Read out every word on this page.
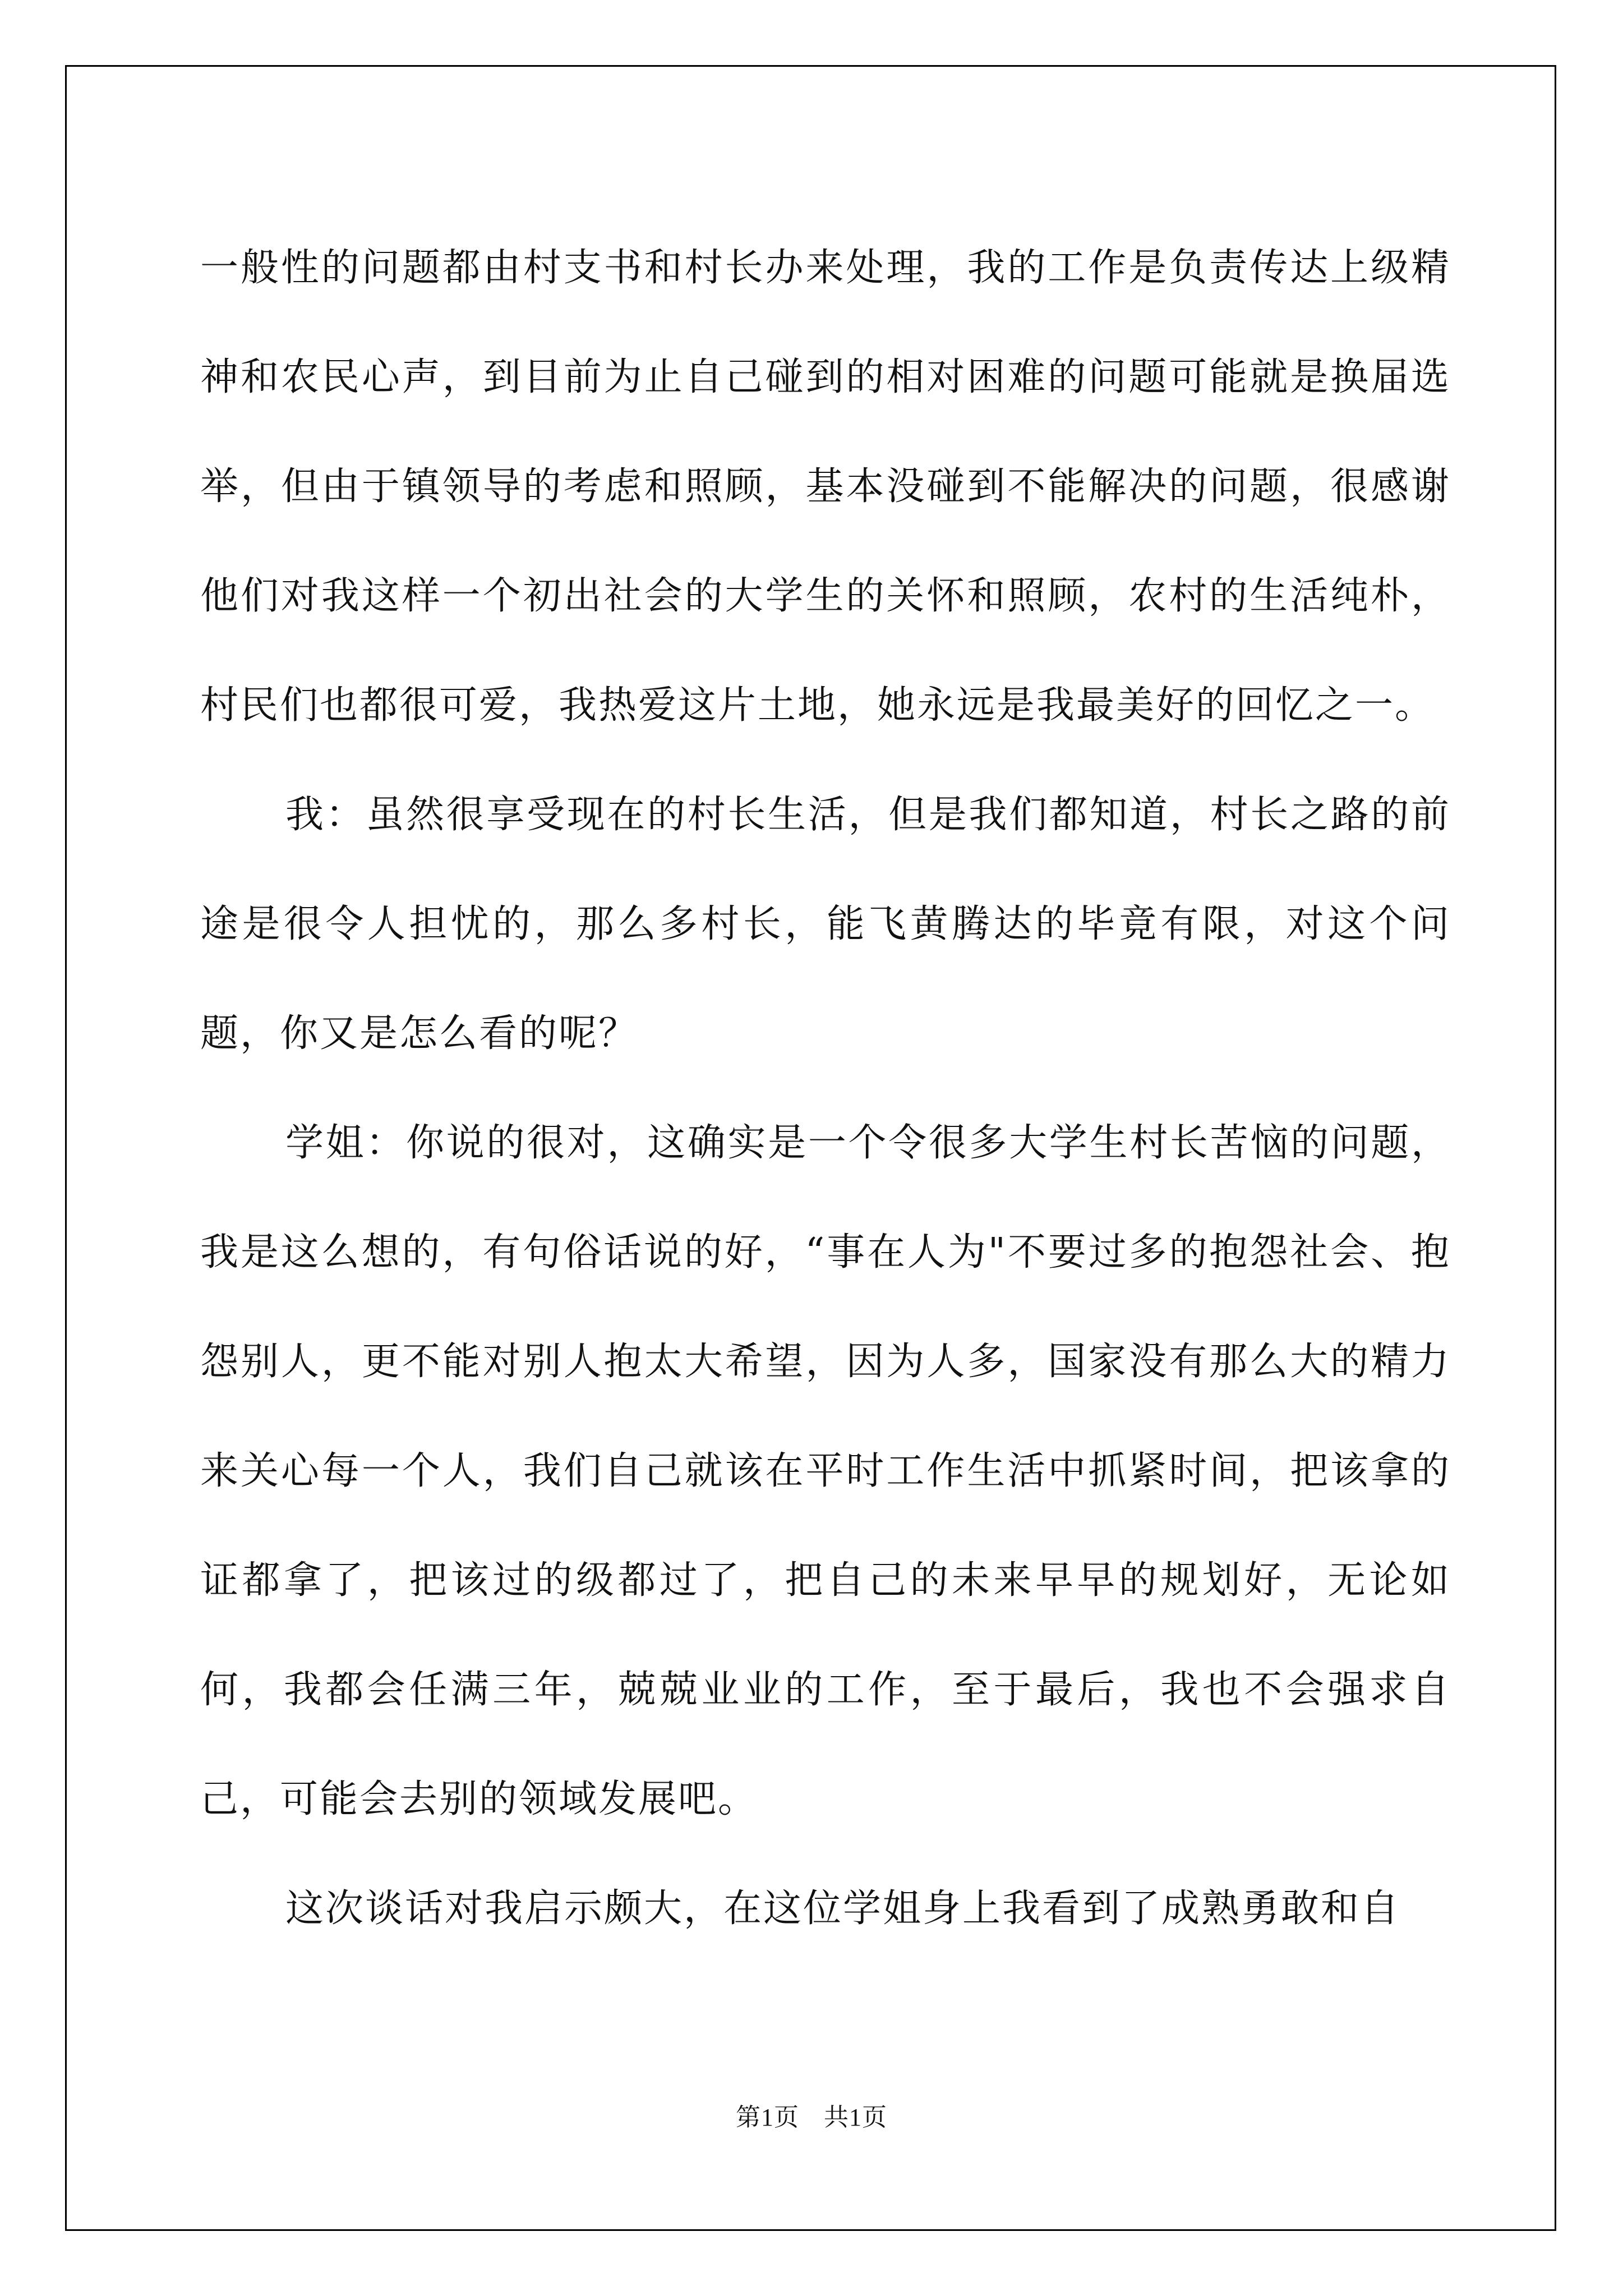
一般性的问题都由村支书和村长办来处理，我的工作是负责传达上级精神和农民心声，到目前为止自己碰到的相对困难的问题可能就是换届选举，但由于镇领导的考虑和照顾，基本没碰到不能解决的问题，很感谢他们对我这样一个初出社会的大学生的关怀和照顾，农村的生活纯朴，村民们也都很可爱，我热爱这片土地，她永远是我最美好的回忆之一。

我：虽然很享受现在的村长生活，但是我们都知道，村长之路的前途是很令人担忧的，那么多村长，能飞黄腾达的毕竟有限，对这个问题，你又是怎么看的呢？

学姐：你说的很对，这确实是一个令很多大学生村长苦恼的问题，我是这么想的，有句俗话说的好，“事在人为"不要过多的抱怨社会、抱怨别人，更不能对别人抱太大希望，因为人多，国家没有那么大的精力来关心每一个人，我们自己就该在平时工作生活中抓紧时间，把该拿的证都拿了，把该过的级都过了，把自己的未来早早的规划好，无论如何，我都会任满三年，兢兢业业的工作，至于最后，我也不会强求自己，可能会去别的领域发展吧。

这次谈话对我启示颇大，在这位学姐身上我看到了成熟勇敢和自

第1页 共1页
